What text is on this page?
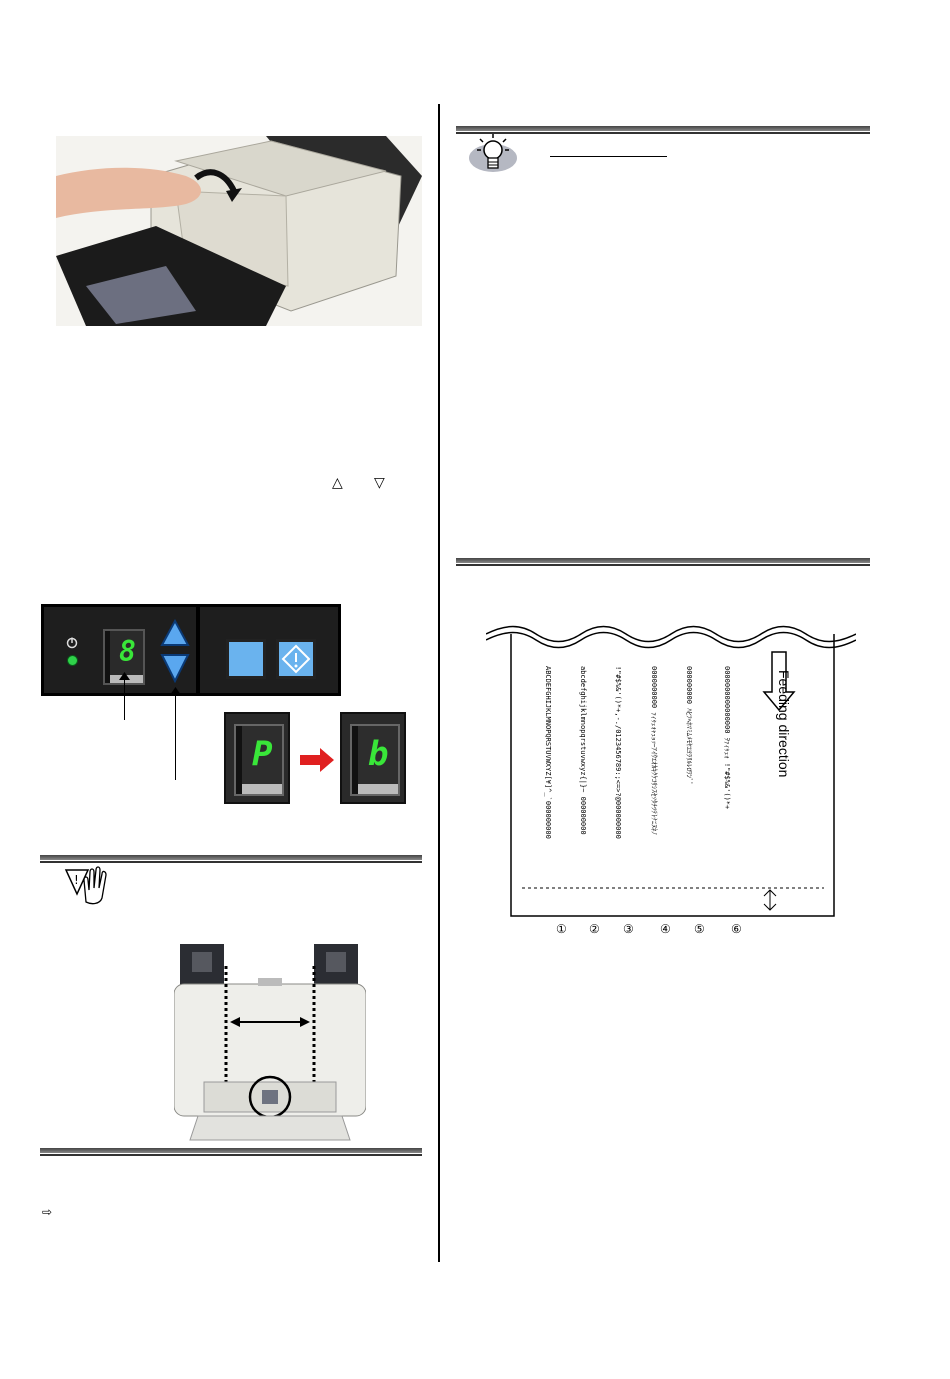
△ ▽
8
P	b
!
⇨
Feeding direction
ABCDEFGHIJKLMNOPQRSTUVWXYZ[¥]^_`000000000	abcdefghijklmnopqrstuvwxyz{|}~ 000000000	!"#$%&'()*+,-./0123456789:;<=>?@000000000	0000000000 ｧｨｩｪｫｬｭｮｯｰｱｲｳｴｵｶｷｸｹｺｻｼｽｾｿﾀﾁﾂﾃﾄﾅﾆﾇﾈﾉ	000000000 ﾊﾋﾌﾍﾎﾏﾐﾑﾒﾓﾔﾕﾖﾗﾘﾙﾚﾛﾜﾝﾞﾟ	0000000000000000 ｦｧｨｩｪｫ !"#$%&'()*+
① ② ③ ④ ⑤ ⑥
